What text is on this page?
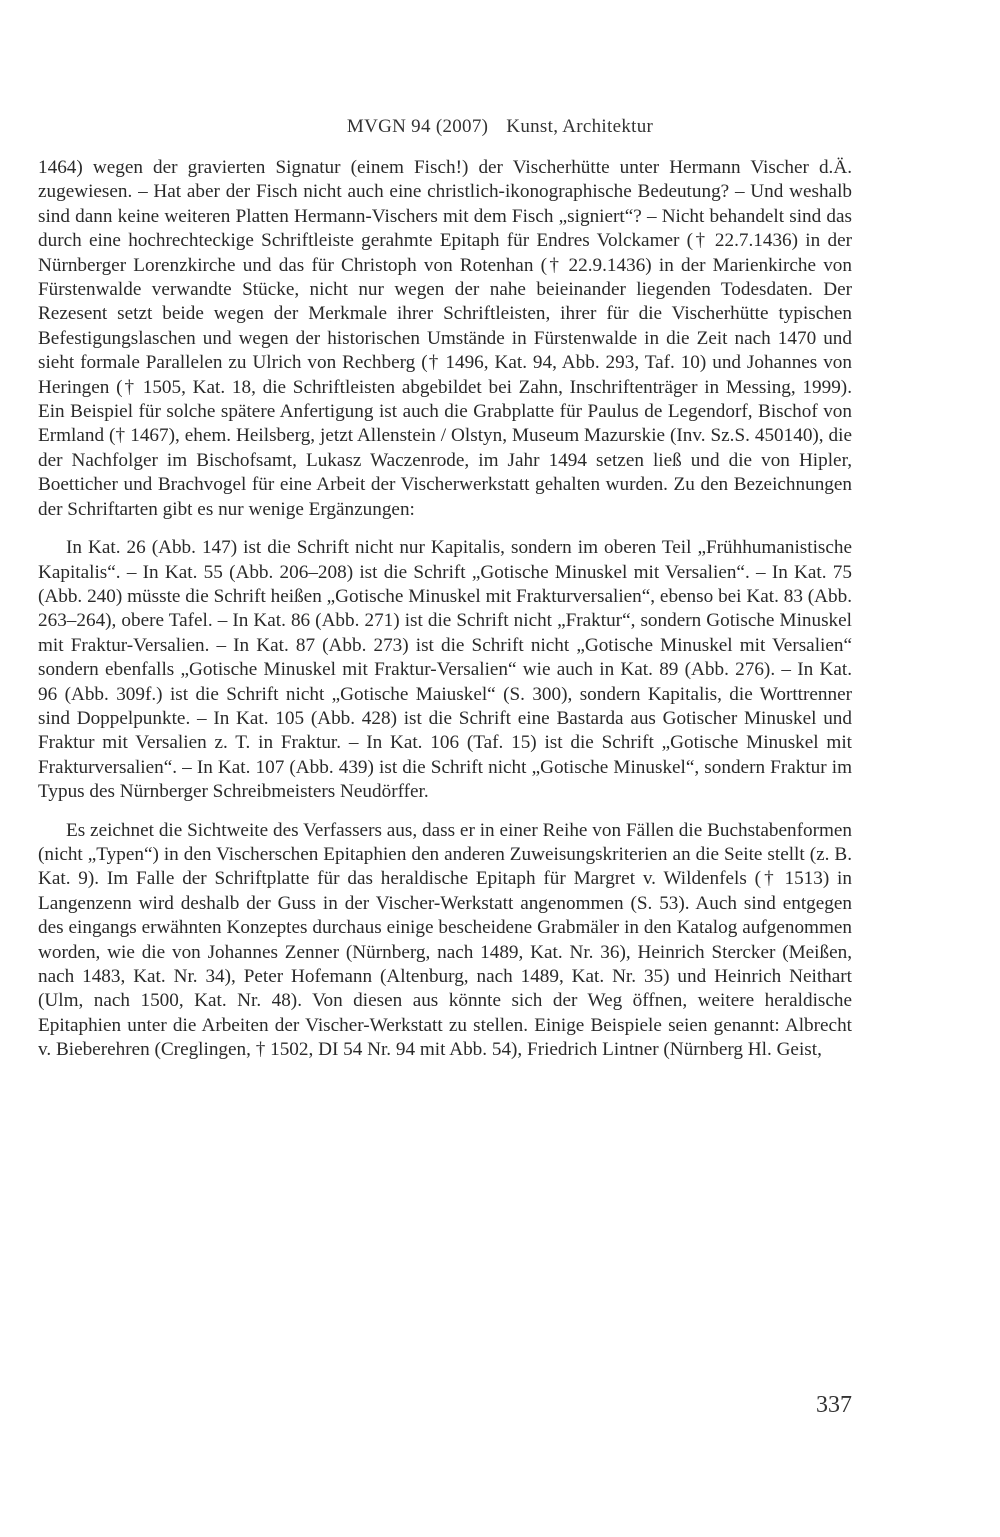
MVGN 94 (2007) Kunst, Architektur

1464) wegen der gravierten Signatur (einem Fisch!) der Vischerhütte unter Hermann Vischer d.Ä. zugewiesen. – Hat aber der Fisch nicht auch eine christlich-ikonographische Bedeutung? – Und weshalb sind dann keine weiteren Platten Hermann-Vischers mit dem Fisch „signiert“? – Nicht behandelt sind das durch eine hochrechteckige Schriftleiste gerahmte Epitaph für Endres Volckamer († 22.7.1436) in der Nürnberger Lorenzkirche und das für Christoph von Rotenhan († 22.9.1436) in der Marienkirche von Fürstenwalde verwandte Stücke, nicht nur wegen der nahe beieinander liegenden Todesdaten. Der Rezesent setzt beide wegen der Merkmale ihrer Schriftleisten, ihrer für die Vischerhütte typischen Befestigungslaschen und wegen der historischen Umstände in Fürstenwalde in die Zeit nach 1470 und sieht formale Parallelen zu Ulrich von Rechberg († 1496, Kat. 94, Abb. 293, Taf. 10) und Johannes von Heringen († 1505, Kat. 18, die Schriftleisten abgebildet bei Zahn, Inschriftenträger in Messing, 1999). Ein Beispiel für solche spätere Anfertigung ist auch die Grabplatte für Paulus de Legendorf, Bischof von Ermland († 1467), ehem. Heilsberg, jetzt Allenstein / Olstyn, Museum Mazurskie (Inv. Sz.S. 450140), die der Nachfolger im Bischofsamt, Lukasz Waczenrode, im Jahr 1494 setzen ließ und die von Hipler, Boetticher und Brachvogel für eine Arbeit der Vischerwerkstatt gehalten wurden. Zu den Bezeichnungen der Schriftarten gibt es nur wenige Ergänzungen:

In Kat. 26 (Abb. 147) ist die Schrift nicht nur Kapitalis, sondern im oberen Teil „Frühhumanistische Kapitalis“. – In Kat. 55 (Abb. 206–208) ist die Schrift „Gotische Minuskel mit Versalien“. – In Kat. 75 (Abb. 240) müsste die Schrift heißen „Gotische Minuskel mit Frakturversalien“, ebenso bei Kat. 83 (Abb. 263–264), obere Tafel. – In Kat. 86 (Abb. 271) ist die Schrift nicht „Fraktur“, sondern Gotische Minuskel mit Fraktur-Versalien. – In Kat. 87 (Abb. 273) ist die Schrift nicht „Gotische Minuskel mit Versalien“ sondern ebenfalls „Gotische Minuskel mit Fraktur-Versalien“ wie auch in Kat. 89 (Abb. 276). – In Kat. 96 (Abb. 309f.) ist die Schrift nicht „Gotische Maiuskel“ (S. 300), sondern Kapitalis, die Worttrenner sind Doppelpunkte. – In Kat. 105 (Abb. 428) ist die Schrift eine Bastarda aus Gotischer Minuskel und Fraktur mit Versalien z. T. in Fraktur. – In Kat. 106 (Taf. 15) ist die Schrift „Gotische Minuskel mit Frakturversalien“. – In Kat. 107 (Abb. 439) ist die Schrift nicht „Gotische Minuskel“, sondern Fraktur im Typus des Nürnberger Schreibmeisters Neudörffer.

Es zeichnet die Sichtweite des Verfassers aus, dass er in einer Reihe von Fällen die Buchstabenformen (nicht „Typen“) in den Vischerschen Epitaphien den anderen Zuweisungskriterien an die Seite stellt (z. B. Kat. 9). Im Falle der Schriftplatte für das heraldische Epitaph für Margret v. Wildenfels († 1513) in Langenzenn wird deshalb der Guss in der Vischer-Werkstatt angenommen (S. 53). Auch sind entgegen des eingangs erwähnten Konzeptes durchaus einige bescheidene Grabmäler in den Katalog aufgenommen worden, wie die von Johannes Zenner (Nürnberg, nach 1489, Kat. Nr. 36), Heinrich Stercker (Meißen, nach 1483, Kat. Nr. 34), Peter Hofemann (Altenburg, nach 1489, Kat. Nr. 35) und Heinrich Neithart (Ulm, nach 1500, Kat. Nr. 48). Von diesen aus könnte sich der Weg öffnen, weitere heraldische Epitaphien unter die Arbeiten der Vischer-Werkstatt zu stellen. Einige Beispiele seien genannt: Albrecht v. Bieberehren (Creglingen, † 1502, DI 54 Nr. 94 mit Abb. 54), Friedrich Lintner (Nürnberg Hl. Geist,

337
